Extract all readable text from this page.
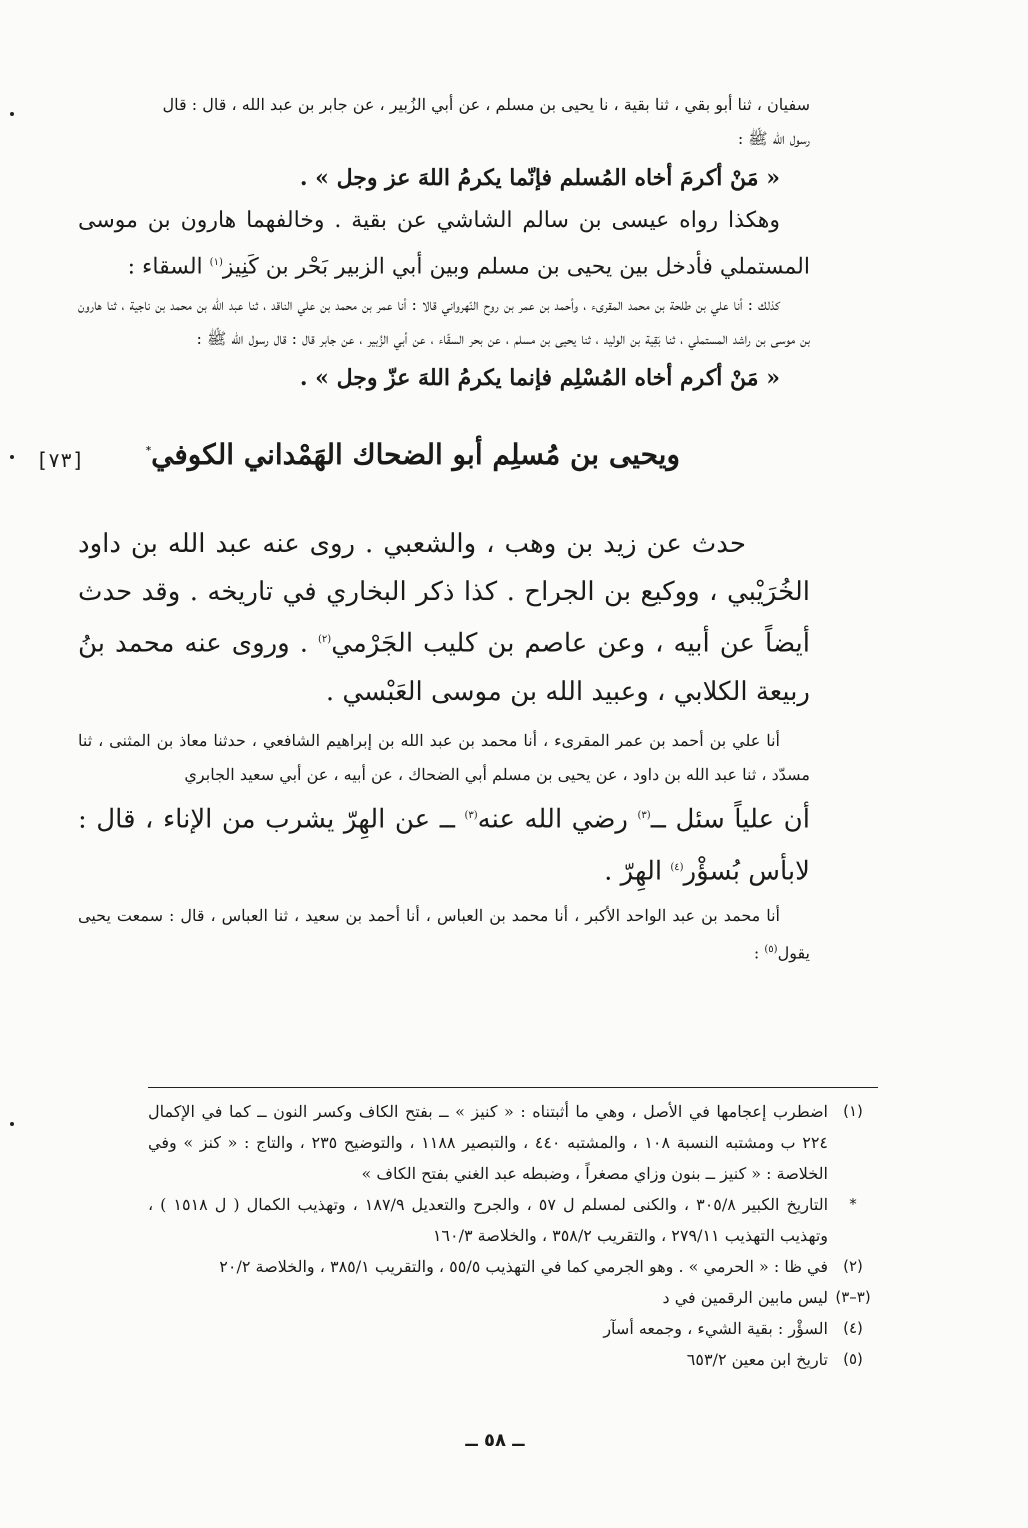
سفيان ، ثنا أبو بقي ، ثنا بقية ، نا يحيى بن مسلم ، عن أبي الزُبير ، عن جابر بن عبد الله ، قال : قال

رسول الله ﷺ :

« مَنْ أكرمَ أخاه المُسلم فإنّما يكرمُ اللهَ عز وجل » .

وهكذا رواه عيسى بن سالم الشاشي عن بقية . وخالفهما هارون بن موسى المستملي فأدخل بين يحيى بن مسلم وبين أبي الزبير بَحْر بن كَنِيز$^{(١)}$ السقاء :

كذلك : أنا علي بن طلحة بن محمد المقرىء ، وأحمد بن عمر بن روح النّهرواني قالا : أنا عمر بن محمد بن علي الناقد ، ثنا عبد الله بن محمد بن ناجية ، ثنا هارون بن موسى بن راشد المستملي ، ثنا بَقِية بن الوليد ، ثنا يحيى بن مسلم ، عن بحر السقّاء ، عن أبي الزُبير ، عن جابر قال : قال رسول الله ﷺ :

« مَنْ أكرم أخاه المُسْلِم فإنما يكرمُ اللهَ عزّ وجل » .

ويحيى بن مُسلِم أبو الضحاك الهَمْداني الكوفي*
[٧٣]

حدث عن زيد بن وهب ، والشعبي . روى عنه عبد الله بن داود الخُرَيْبي ، ووكيع بن الجراح . كذا ذكر البخاري في تاريخه . وقد حدث أيضاً عن أبيه ، وعن عاصم بن كليب الجَرْمي$^{(٢)}$ . وروى عنه محمد بنُ ربيعة الكلابي ، وعبيد الله بن موسى العَبْسي .

أنا علي بن أحمد بن عمر المقرىء ، أنا محمد بن عبد الله بن إبراهيم الشافعي ، حدثنا معاذ بن المثنى ، ثنا مسدّد ، ثنا عبد الله بن داود ، عن يحيى بن مسلم أبي الضحاك ، عن أبيه ، عن أبي سعيد الجابري

أن علياً سئل ــ$^{(٣)}$ رضي الله عنه$^{(٣)}$ ــ عن الهِرّ يشرب من الإناء ، قال : لابأس بُسؤْر$^{(٤)}$ الهِرّ .

أنا محمد بن عبد الواحد الأكبر ، أنا محمد بن العباس ، أنا أحمد بن سعيد ، ثنا العباس ، قال : سمعت يحيى يقول$^{(٥)}$ :

(١)
اضطرب إعجامها في الأصل ، وهي ما أثبتناه : « كنيز » ــ بفتح الكاف وكسر النون ــ كما في الإكمال ٢٢٤ ب ومشتبه النسبة ١٠٨ ، والمشتبه ٤٤٠ ، والتبصير ١١٨٨ ، والتوضيح ٢٣٥ ، والتاج : « كنز » وفي الخلاصة : « كنيز ــ بنون وزاي مصغراً ، وضبطه عبد الغني بفتح الكاف »
*
التاريخ الكبير ٣٠٥/٨ ، والكنى لمسلم ل ٥٧ ، والجرح والتعديل ١٨٧/٩ ، وتهذيب الكمال ( ل ١٥١٨ ) ، وتهذيب التهذيب ٢٧٩/١١ ، والتقريب ٣٥٨/٢ ، والخلاصة ١٦٠/٣
(٢)
في ظا : « الحرمي » . وهو الجرمي كما في التهذيب ٥٥/٥ ، والتقريب ٣٨٥/١ ، والخلاصة ٢٠/٢
(٣–٣)
ليس مابين الرقمين في د
(٤)
السؤْر : بقية الشيء ، وجمعه أسآر
(٥)
تاريخ ابن معين ٦٥٣/٢
ــ ٥٨ ــ
